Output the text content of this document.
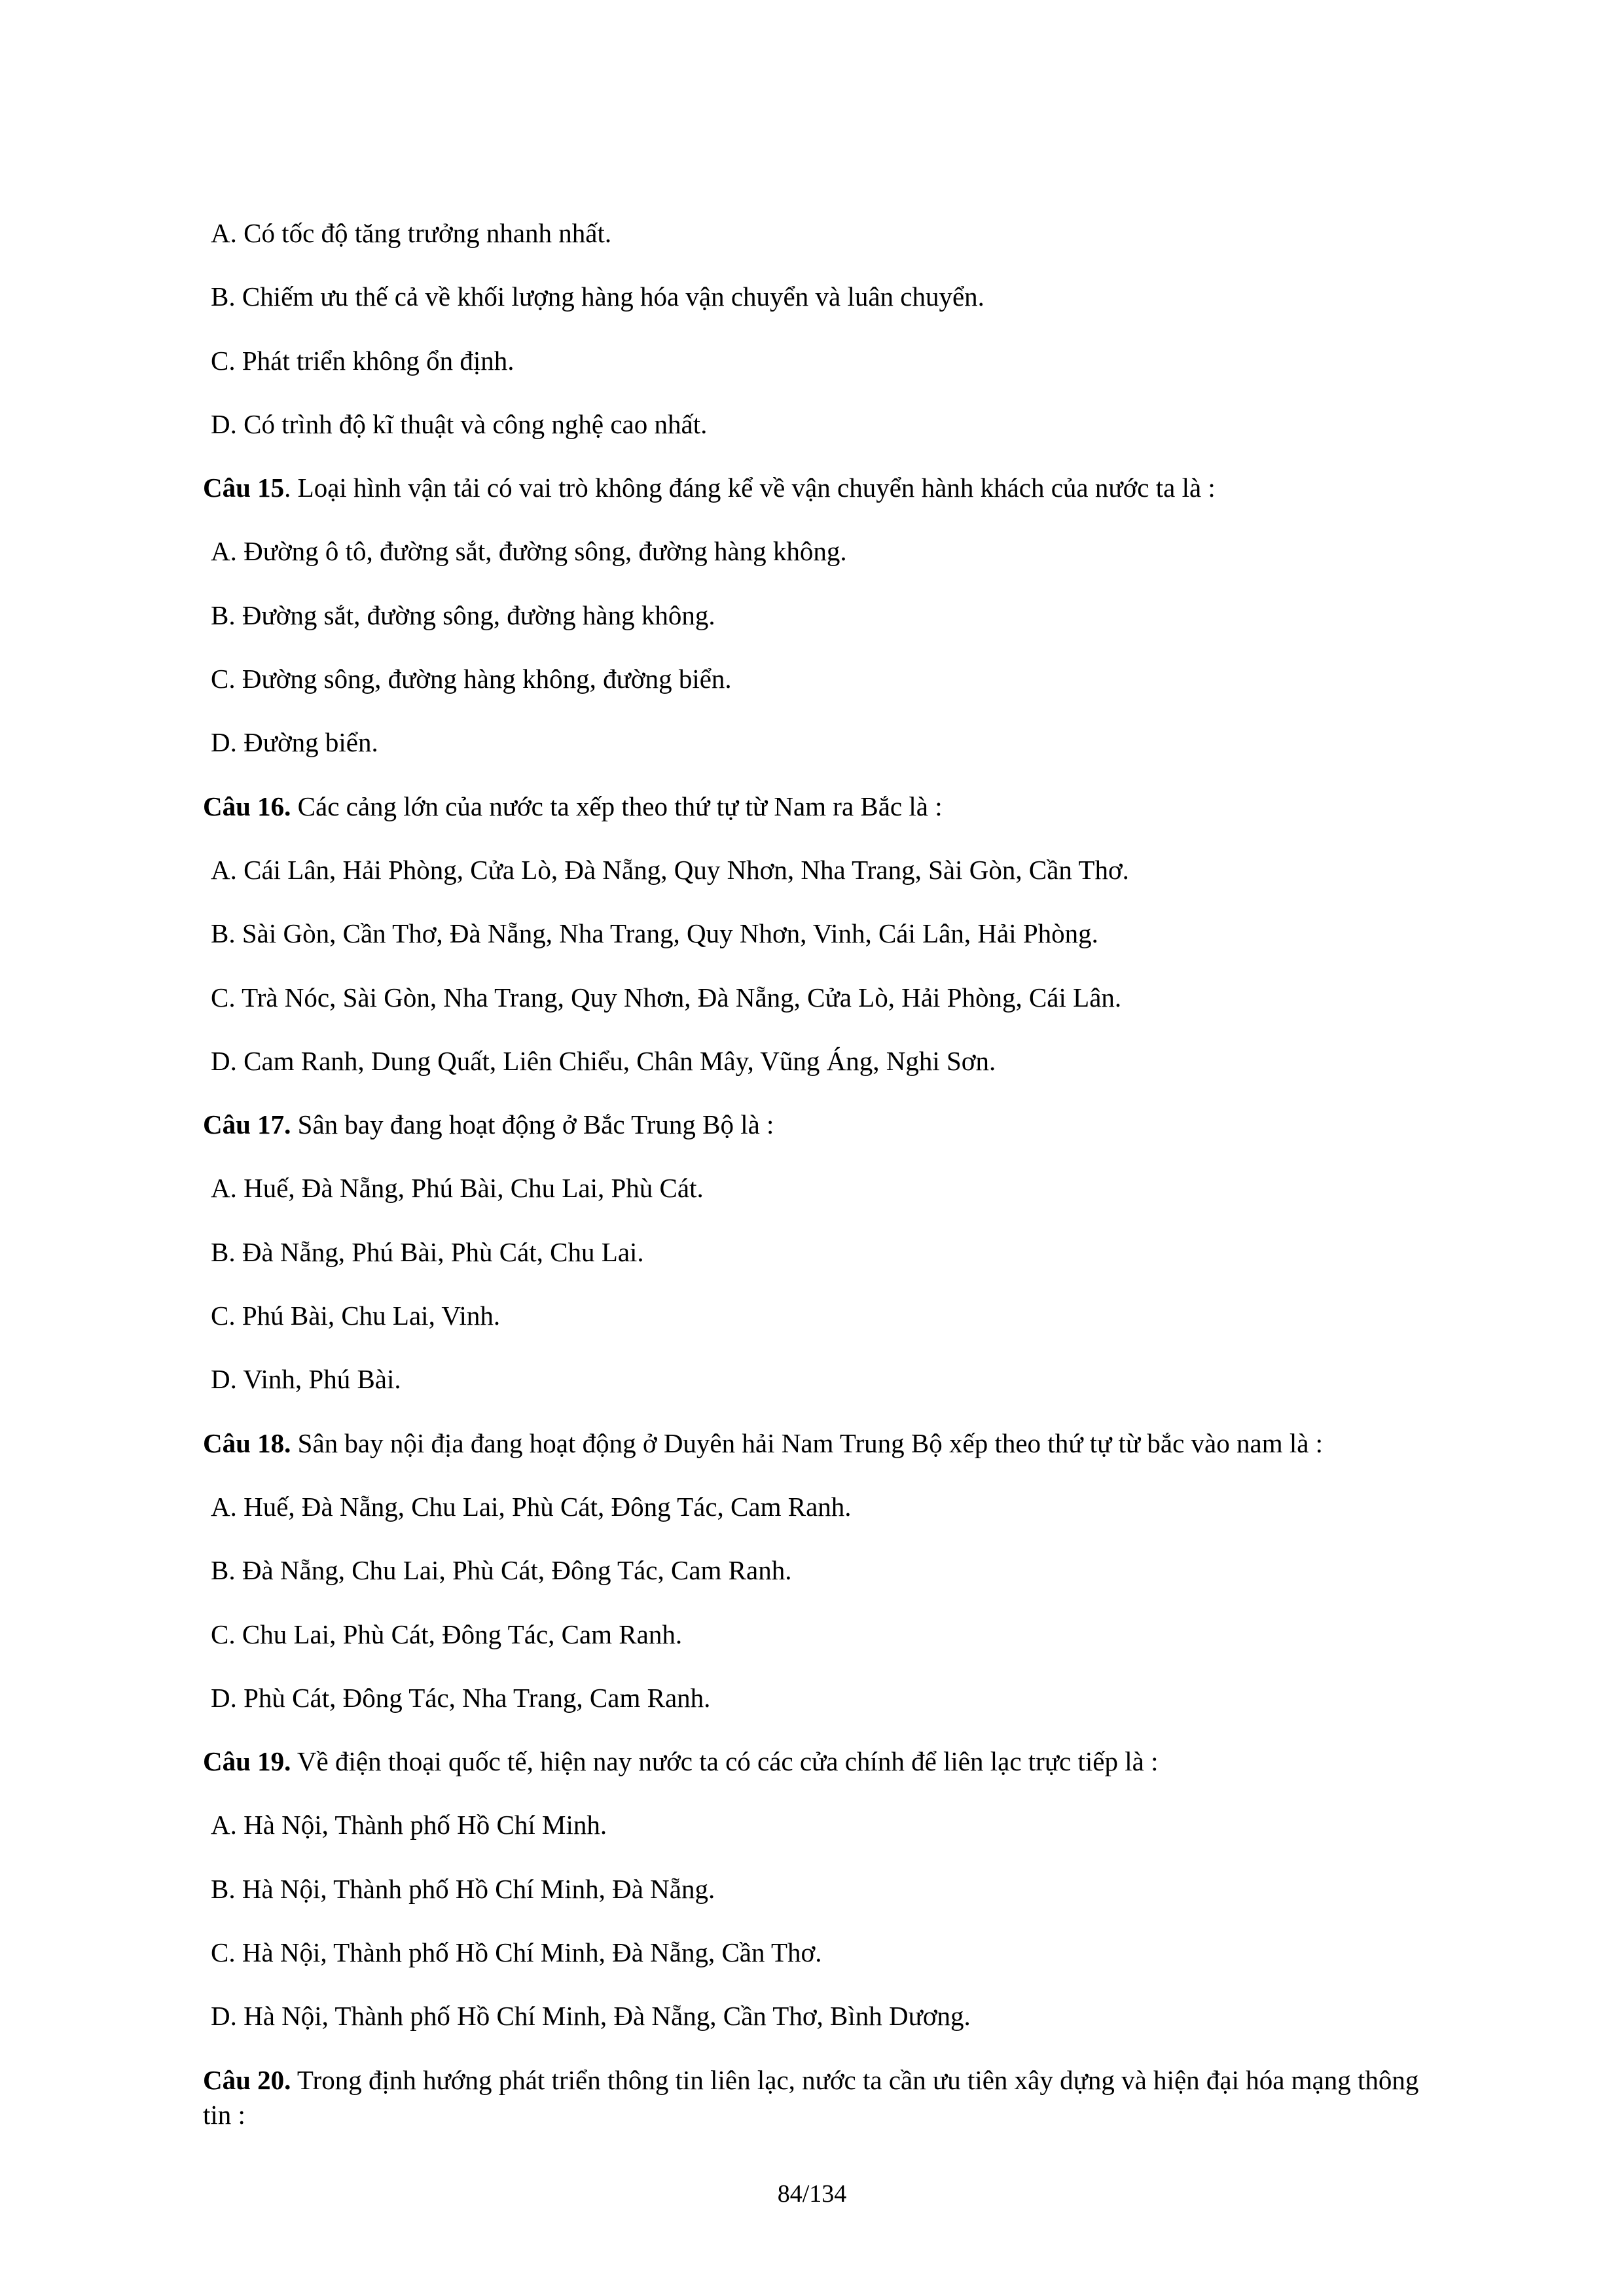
A. Có tốc độ tăng trưởng nhanh nhất.

B. Chiếm ưu thế cả về khối lượng hàng hóa vận chuyển và luân chuyển.

C. Phát triển không ổn định.

D. Có trình độ kĩ thuật và công nghệ cao nhất.

Câu 15. Loại hình vận tải có vai trò không đáng kể về vận chuyển hành khách của nước ta là :

A. Đường ô tô, đường sắt, đường sông, đường hàng không.

B. Đường sắt, đường sông, đường hàng không.

C. Đường sông, đường hàng không, đường biển.

D. Đường biển.

Câu 16. Các cảng lớn của nước ta xếp theo thứ tự từ Nam ra Bắc là :

A. Cái Lân, Hải Phòng, Cửa Lò, Đà Nẵng, Quy Nhơn, Nha Trang, Sài Gòn, Cần Thơ.

B. Sài Gòn, Cần Thơ, Đà Nẵng, Nha Trang, Quy Nhơn, Vinh, Cái Lân, Hải Phòng.

C. Trà Nóc, Sài Gòn, Nha Trang, Quy Nhơn, Đà Nẵng, Cửa Lò, Hải Phòng, Cái Lân.

D. Cam Ranh, Dung Quất, Liên Chiểu, Chân Mây, Vũng Áng, Nghi Sơn.

Câu 17. Sân bay đang hoạt động ở Bắc Trung Bộ là :

A. Huế, Đà Nẵng, Phú Bài, Chu Lai, Phù Cát.

B. Đà Nẵng, Phú Bài, Phù Cát, Chu Lai.

C. Phú Bài, Chu Lai, Vinh.

D. Vinh, Phú Bài.

Câu 18. Sân bay nội địa đang hoạt động ở Duyên hải Nam Trung Bộ xếp theo thứ tự từ bắc vào nam là :

A. Huế, Đà Nẵng, Chu Lai, Phù Cát, Đông Tác, Cam Ranh.

B. Đà Nẵng, Chu Lai, Phù Cát, Đông Tác, Cam Ranh.

C. Chu Lai, Phù Cát, Đông Tác, Cam Ranh.

D. Phù Cát, Đông Tác, Nha Trang, Cam Ranh.

Câu 19. Về điện thoại quốc tế, hiện nay nước ta có các cửa chính để liên lạc trực tiếp là :

A. Hà Nội, Thành phố Hồ Chí Minh.

B. Hà Nội, Thành phố Hồ Chí Minh, Đà Nẵng.

C. Hà Nội, Thành phố Hồ Chí Minh, Đà Nẵng, Cần Thơ.

D. Hà Nội, Thành phố Hồ Chí Minh, Đà Nẵng, Cần Thơ, Bình Dương.

Câu 20. Trong định hướng phát triển thông tin liên lạc, nước ta cần ưu tiên xây dựng và hiện đại hóa mạng thông tin :

84/134
